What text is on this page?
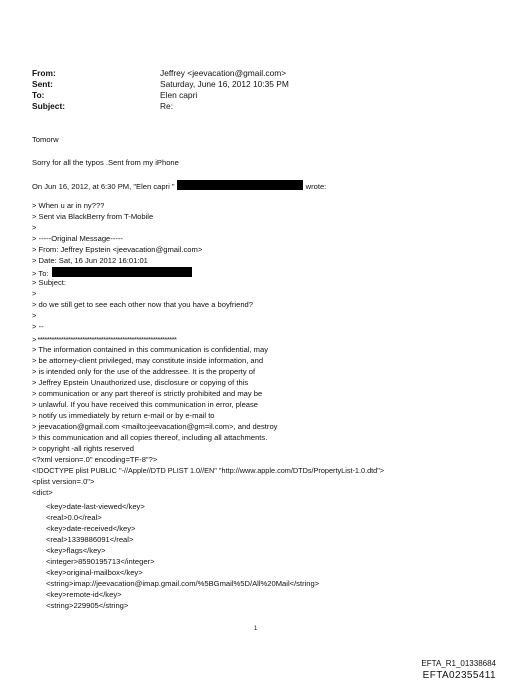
From:	Jeffrey <jeevacation@gmail.com>
Sent:	Saturday, June 16, 2012 10:35 PM
To:	Elen capri
Subject:	Re:
Tomorw
Sorry for all the typos .Sent from my iPhone
On Jun 16, 2012, at 6:30 PM, "Elen capri "	wrote:
> When u ar in ny???
> Sent via BlackBerry from T-Mobile
>
> -----Original Message-----
> From: Jeffrey Epstein <jeevacation@gmail.com>
> Date: Sat, 16 Jun 2012 16:01:01
> To:
> Subject:
>
> do we still get to see each other now that you have a boyfriend?
>
> --
> ***********************************************************
> The information contained in this communication is confidential, may
> be attorney-client privileged, may constitute inside information, and
> is intended only for the use of the addressee. It is the property of
> Jeffrey Epstein Unauthorized use, disclosure or copying of this
> communication or any part thereof is strictly prohibited and may be
> unlawful. If you have received this communication in error, please
> notify us immediately by return e-mail or by e-mail to
> jeevacation@gmail.com <mailto:jeevacation@gm=il.com>, and destroy
> this communication and all copies thereof, including all attachments.
> copyright -all rights reserved
<?xml version=.0" encoding=TF-8"?>
<!DOCTYPE plist PUBLIC "-//Apple//DTD PLIST 1.0//EN" "http://www.apple.com/DTDs/PropertyList-1.0.dtd">
<plist version=.0">
<dict>
<key>date-last-viewed</key>
<real>0.0</real>
<key>date-received</key>
<real>1339886091</real>
<key>flags</key>
<integer>8590195713</integer>
<key>original-mailbox</key>
<string>imap://jeevacation@imap.gmail.com/%5BGmail%5D/All%20Mail</string>
<key>remote-id</key>
<string>229905</string>
1
EFTA_R1_01338684
EFTA02355411
